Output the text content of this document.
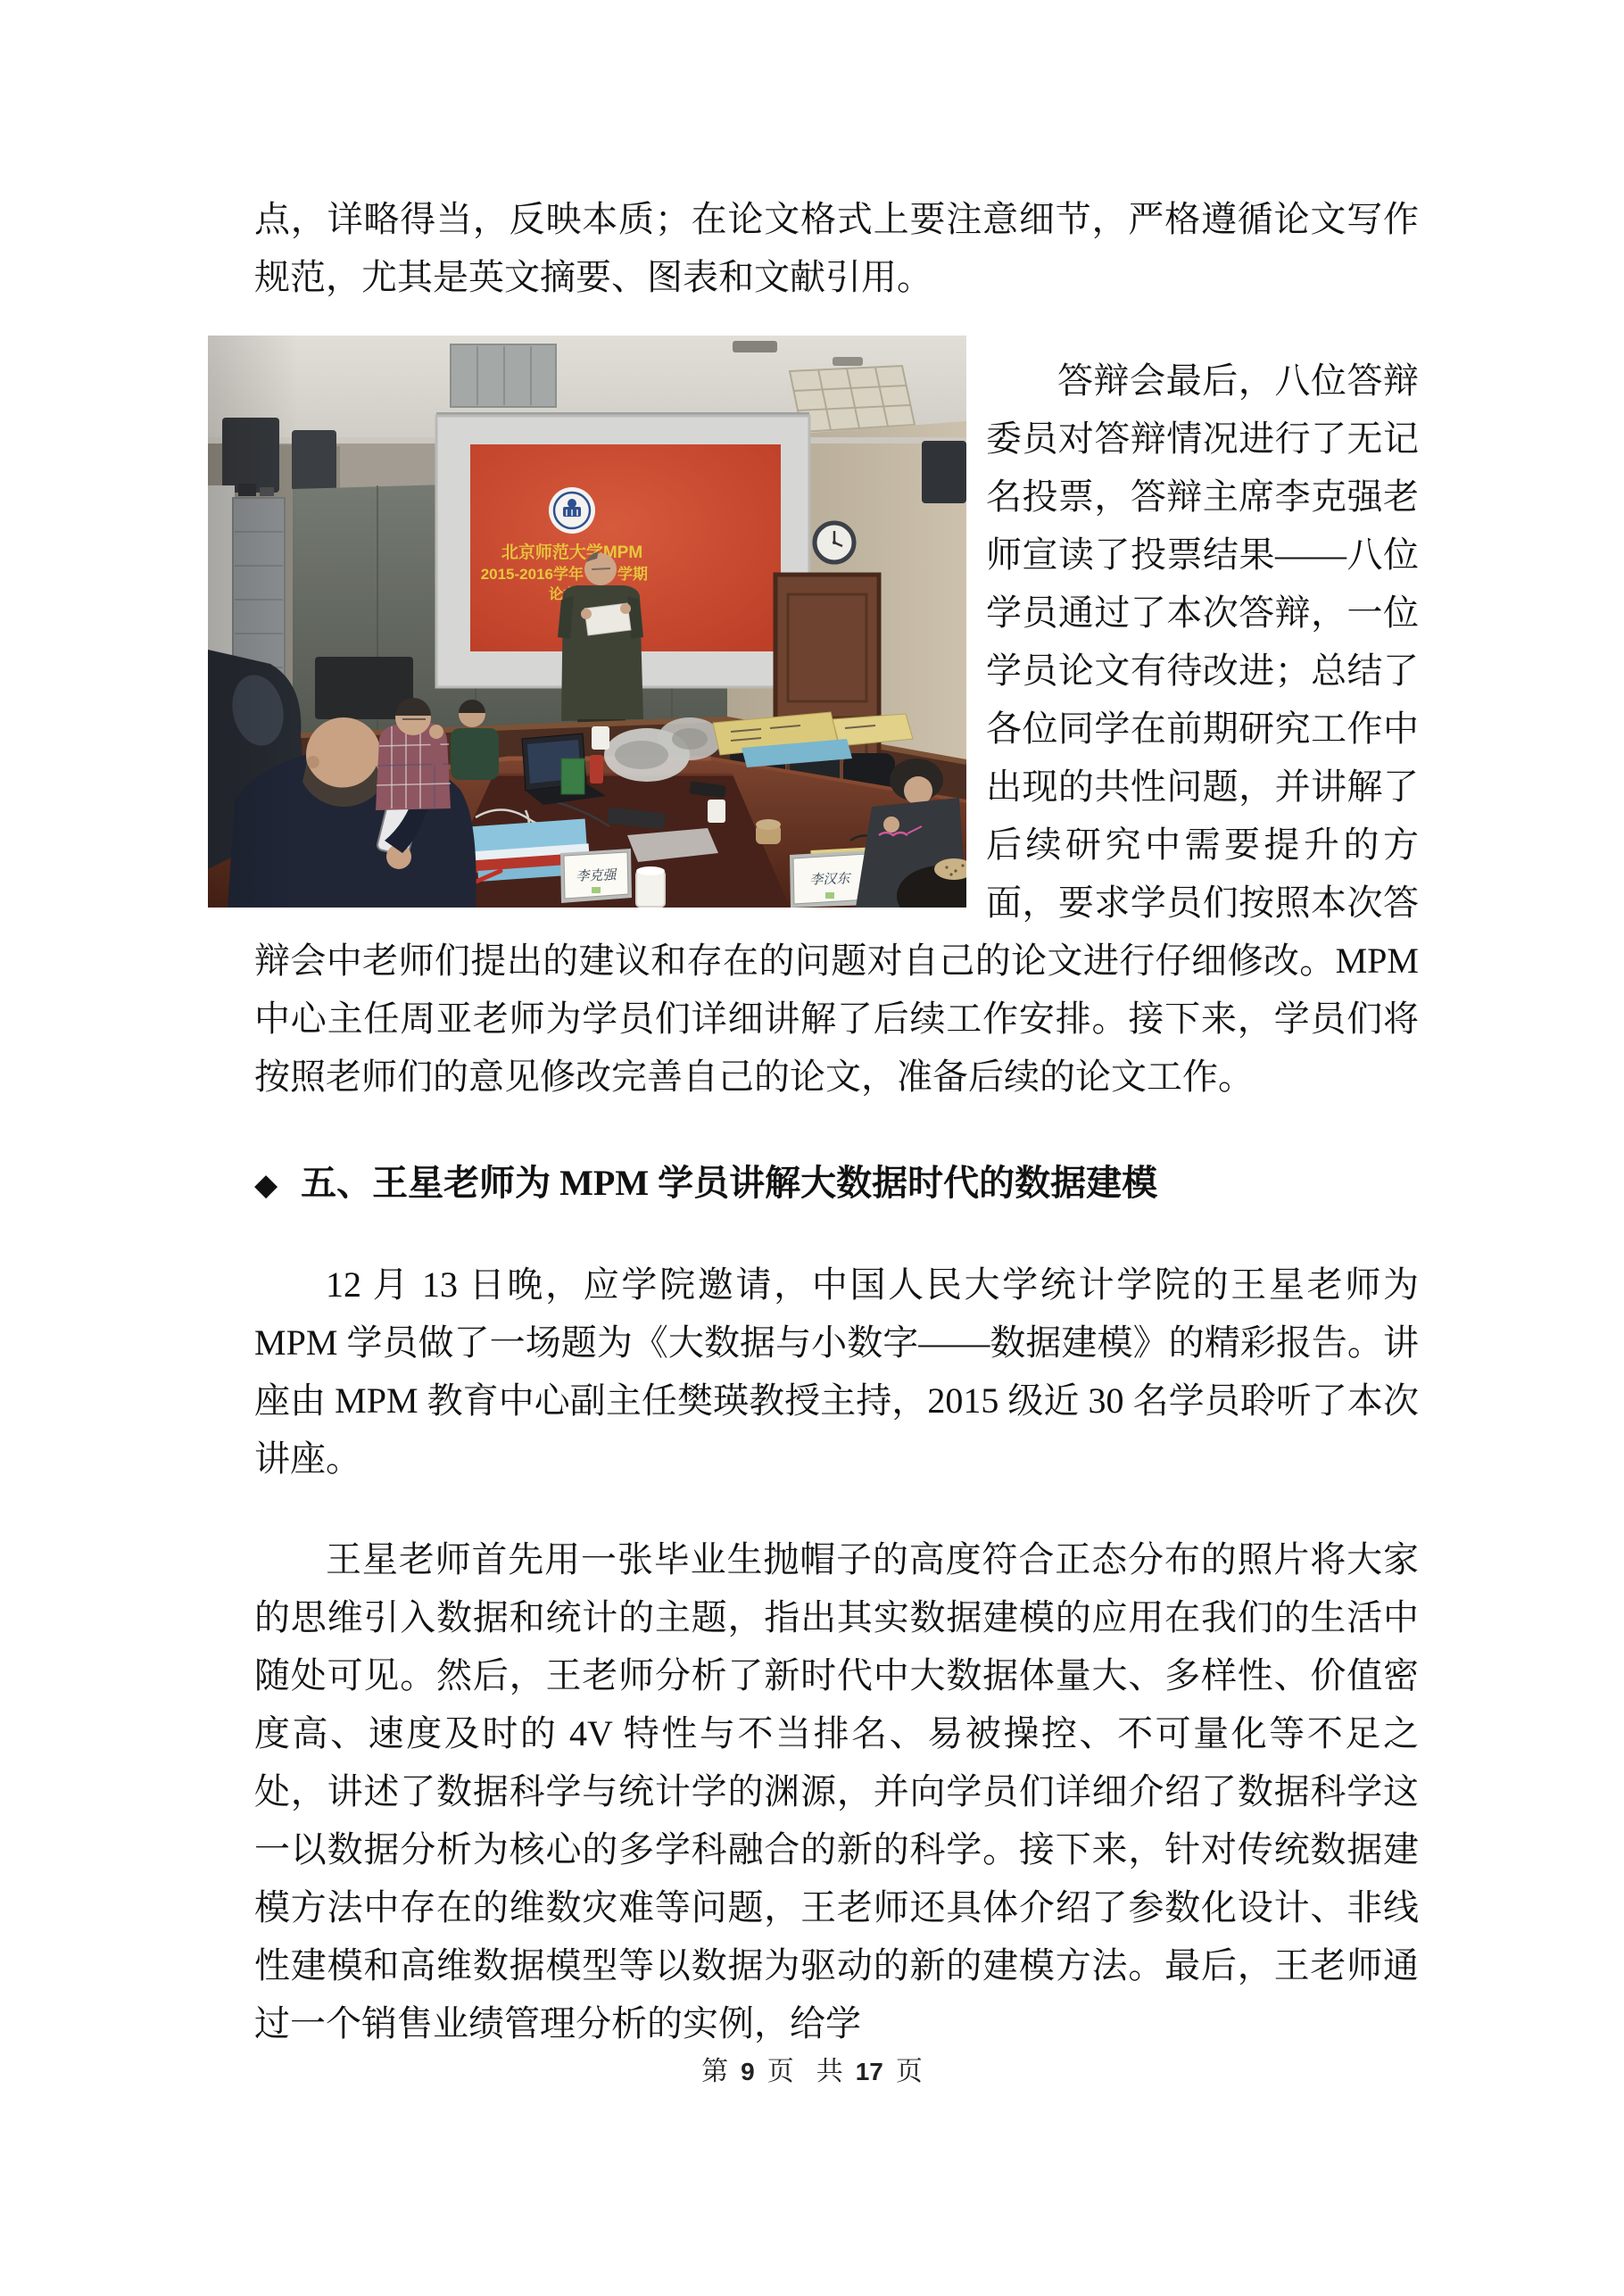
点，详略得当，反映本质；在论文格式上要注意细节，严格遵循论文写作规范，尤其是英文摘要、图表和文献引用。

答辩会最后，八位答辩委员对答辩情况进行了无记名投票，答辩主席李克强老师宣读了投票结果——八位学员通过了本次答辩，一位学员论文有待改进；总结了各位同学在前期研究工作中出现的共性问题，并讲解了后续研究中需要提升的方面，要求学员们按照本次答辩会中老师们提出的建议和存在的问题对自己的论文进行仔细修改。MPM 中心主任周亚老师为学员们详细讲解了后续工作安排。接下来，学员们将按照老师们的意见修改完善自己的论文，准备后续的论文工作。

◆ 五、王星老师为 MPM 学员讲解大数据时代的数据建模

12 月 13 日晚，应学院邀请，中国人民大学统计学院的王星老师为 MPM 学员做了一场题为《大数据与小数字——数据建模》的精彩报告。讲座由 MPM 教育中心副主任樊瑛教授主持，2015 级近 30 名学员聆听了本次讲座。

王星老师首先用一张毕业生抛帽子的高度符合正态分布的照片将大家的思维引入数据和统计的主题，指出其实数据建模的应用在我们的生活中随处可见。然后，王老师分析了新时代中大数据体量大、多样性、价值密度高、速度及时的 4V 特性与不当排名、易被操控、不可量化等不足之处，讲述了数据科学与统计学的渊源，并向学员们详细介绍了数据科学这一以数据分析为核心的多学科融合的新的科学。接下来，针对传统数据建模方法中存在的维数灾难等问题，王老师还具体介绍了参数化设计、非线性建模和高维数据模型等以数据为驱动的新的建模方法。最后，王老师通过一个销售业绩管理分析的实例，给学

第 9 页 共 17 页
